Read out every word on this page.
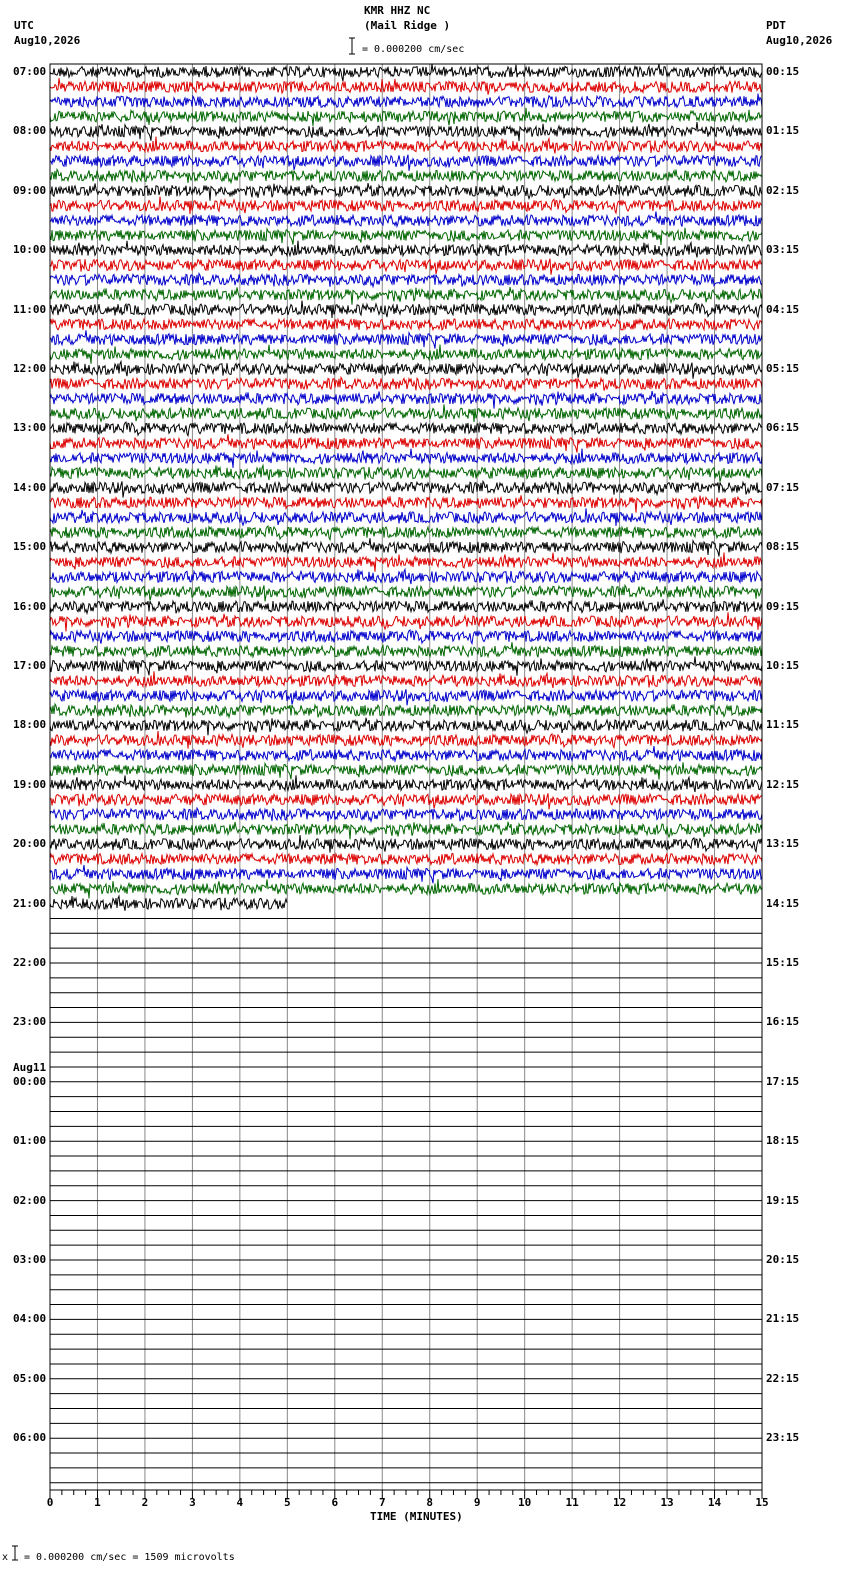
0	1	2	3	4	5	6	7	8	9	10	11	12	13	14	15
KMR HHZ NC
(Mail Ridge )
= 0.000200 cm/sec
UTC
Aug10,2026
PDT
Aug10,2026
07:00
08:00
09:00
10:00
11:00
12:00
13:00
14:00
15:00
16:00
17:00
18:00
19:00
20:00
21:00
22:00
23:00
00:00
Aug11
01:00
02:00
03:00
04:00
05:00
06:00
00:15
01:15
02:15
03:15
04:15
05:15
06:15
07:15
08:15
09:15
10:15
11:15
12:15
13:15
14:15
15:15
16:15
17:15
18:15
19:15
20:15
21:15
22:15
23:15
TIME (MINUTES)
x = 0.000200 cm/sec = 1509 microvolts
